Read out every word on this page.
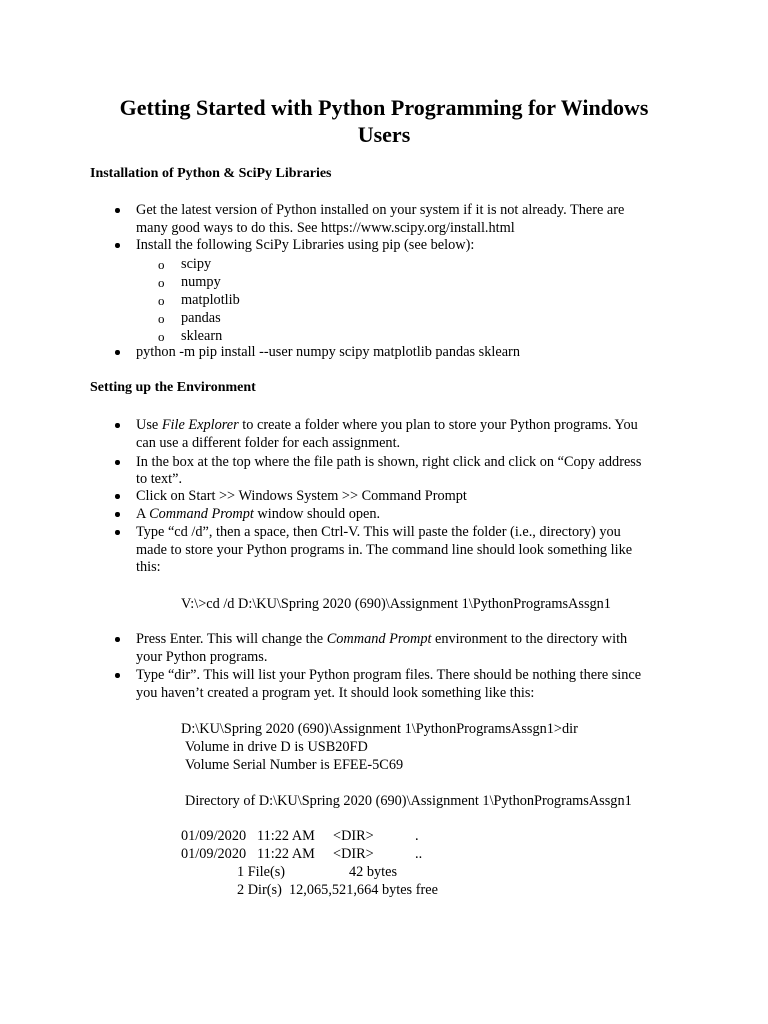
Getting Started with Python Programming for Windows
Users
Installation of Python & SciPy Libraries
Get the latest version of Python installed on your system if it is not already. There are
many good ways to do this. See https://www.scipy.org/install.html
Install the following SciPy Libraries using pip (see below):
o scipy
o numpy
o matplotlib
o pandas
o sklearn
python -m pip install --user numpy scipy matplotlib pandas sklearn
Setting up the Environment
Use File Explorer to create a folder where you plan to store your Python programs. You
can use a different folder for each assignment.
In the box at the top where the file path is shown, right click and click on “Copy address
to text”.
Click on Start >> Windows System >> Command Prompt
A Command Prompt window should open.
Type “cd /d”, then a space, then Ctrl-V. This will paste the folder (i.e., directory) you
made to store your Python programs in. The command line should look something like
this:
V:\>cd /d D:\KU\Spring 2020 (690)\Assignment 1\PythonProgramsAssgn1
Press Enter. This will change the Command Prompt environment to the directory with
your Python programs.
Type “dir”. This will list your Python program files. There should be nothing there since
you haven’t created a program yet. It should look something like this:
D:\KU\Spring 2020 (690)\Assignment 1\PythonProgramsAssgn1>dir
Volume in drive D is USB20FD
Volume Serial Number is EFEE-5C69
Directory of D:\KU\Spring 2020 (690)\Assignment 1\PythonProgramsAssgn1
01/09/2020 11:22 AM <DIR>	.
01/09/2020 11:22 AM <DIR>	..
1 File(s)	42 bytes
2 Dir(s)  12,065,521,664 bytes free
